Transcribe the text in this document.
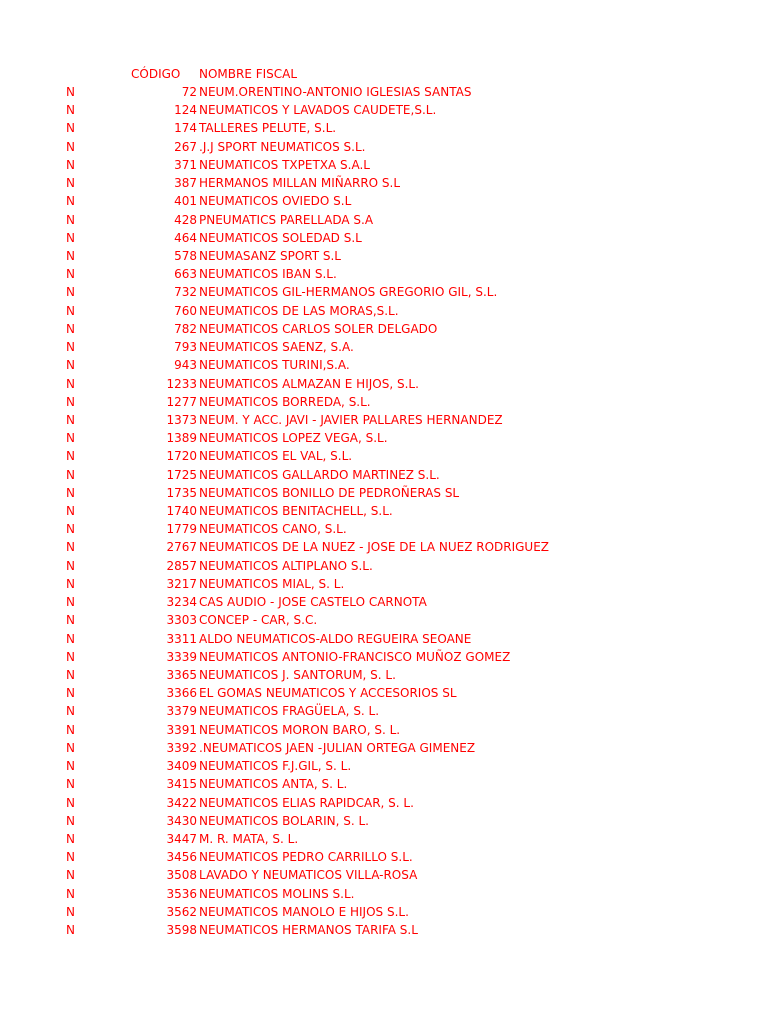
CÓDIGO NOMBRE FISCAL
N	72 NEUM.ORENTINO-ANTONIO IGLESIAS SANTAS
N	124 NEUMATICOS Y LAVADOS CAUDETE,S.L.
N	174 TALLERES PELUTE, S.L.
N	267 .J.J SPORT NEUMATICOS S.L.
N	371 NEUMATICOS TXPETXA S.A.L
N	387 HERMANOS MILLAN MIÑARRO S.L
N	401 NEUMATICOS OVIEDO S.L
N	428 PNEUMATICS PARELLADA S.A
N	464 NEUMATICOS SOLEDAD S.L
N	578 NEUMASANZ SPORT S.L
N	663 NEUMATICOS IBAN S.L.
N	732 NEUMATICOS GIL-HERMANOS GREGORIO GIL, S.L.
N	760 NEUMATICOS DE LAS MORAS,S.L.
N	782 NEUMATICOS CARLOS SOLER DELGADO
N	793 NEUMATICOS SAENZ, S.A.
N	943 NEUMATICOS TURINI,S.A.
N	1233 NEUMATICOS ALMAZAN E HIJOS, S.L.
N	1277 NEUMATICOS BORREDA, S.L.
N	1373 NEUM. Y ACC. JAVI - JAVIER PALLARES HERNANDEZ
N	1389 NEUMATICOS LOPEZ VEGA, S.L.
N	1720 NEUMATICOS EL VAL, S.L.
N	1725 NEUMATICOS GALLARDO MARTINEZ S.L.
N	1735 NEUMATICOS BONILLO DE PEDROÑERAS SL
N	1740 NEUMATICOS BENITACHELL, S.L.
N	1779 NEUMATICOS CANO, S.L.
N	2767 NEUMATICOS DE LA NUEZ - JOSE DE LA NUEZ RODRIGUEZ
N	2857 NEUMATICOS ALTIPLANO S.L.
N	3217 NEUMATICOS MIAL, S. L.
N	3234 CAS AUDIO - JOSE CASTELO CARNOTA
N	3303 CONCEP - CAR, S.C.
N	3311 ALDO NEUMATICOS-ALDO REGUEIRA SEOANE
N	3339 NEUMATICOS ANTONIO-FRANCISCO MUÑOZ GOMEZ
N	3365 NEUMATICOS J. SANTORUM, S. L.
N	3366 EL GOMAS NEUMATICOS Y ACCESORIOS SL
N	3379 NEUMATICOS FRAGÜELA, S. L.
N	3391 NEUMATICOS MORON BARO, S. L.
N	3392 .NEUMATICOS JAEN -JULIAN ORTEGA GIMENEZ
N	3409 NEUMATICOS F.J.GIL, S. L.
N	3415 NEUMATICOS ANTA, S. L.
N	3422 NEUMATICOS ELIAS RAPIDCAR, S. L.
N	3430 NEUMATICOS BOLARIN, S. L.
N	3447 M. R. MATA, S. L.
N	3456 NEUMATICOS PEDRO CARRILLO S.L.
N	3508 LAVADO Y NEUMATICOS VILLA-ROSA
N	3536 NEUMATICOS MOLINS S.L.
N	3562 NEUMATICOS MANOLO E HIJOS S.L.
N	3598 NEUMATICOS HERMANOS TARIFA S.L
